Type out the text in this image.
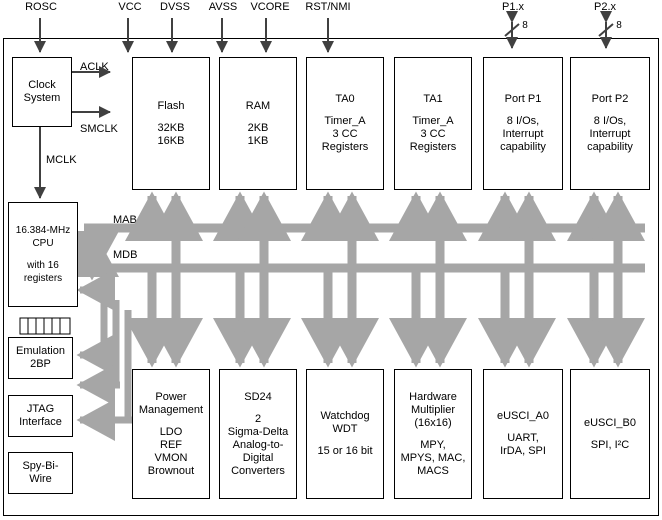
ROSC	VCC	DVSS	AVSS	VCORE	RST/NMI	P1.x	P2.x
8	8
ACLK
SMCLK
MCLK
MAB
MDB
Clock
System
16.384-MHz
CPU
with 16
registers
Emulation
2BP
JTAG
Interface
Spy-Bi-
Wire
Flash
32KB
16KB
RAM
2KB
1KB
TA0
Timer_A
3 CC
Registers
TA1
Timer_A
3 CC
Registers
Port P1
8 I/Os,
Interrupt
capability
Port P2
8 I/Os,
Interrupt
capability
Power
Management
LDO
REF
VMON
Brownout
SD24
2
Sigma-Delta
Analog-to-
Digital
Converters
Watchdog
WDT
15 or 16 bit
Hardware
Multiplier (16x16)
MPY,
MPYS, MAC,
MACS
eUSCI_A0
UART,
IrDA, SPI
eUSCI_B0
SPI, I²C
